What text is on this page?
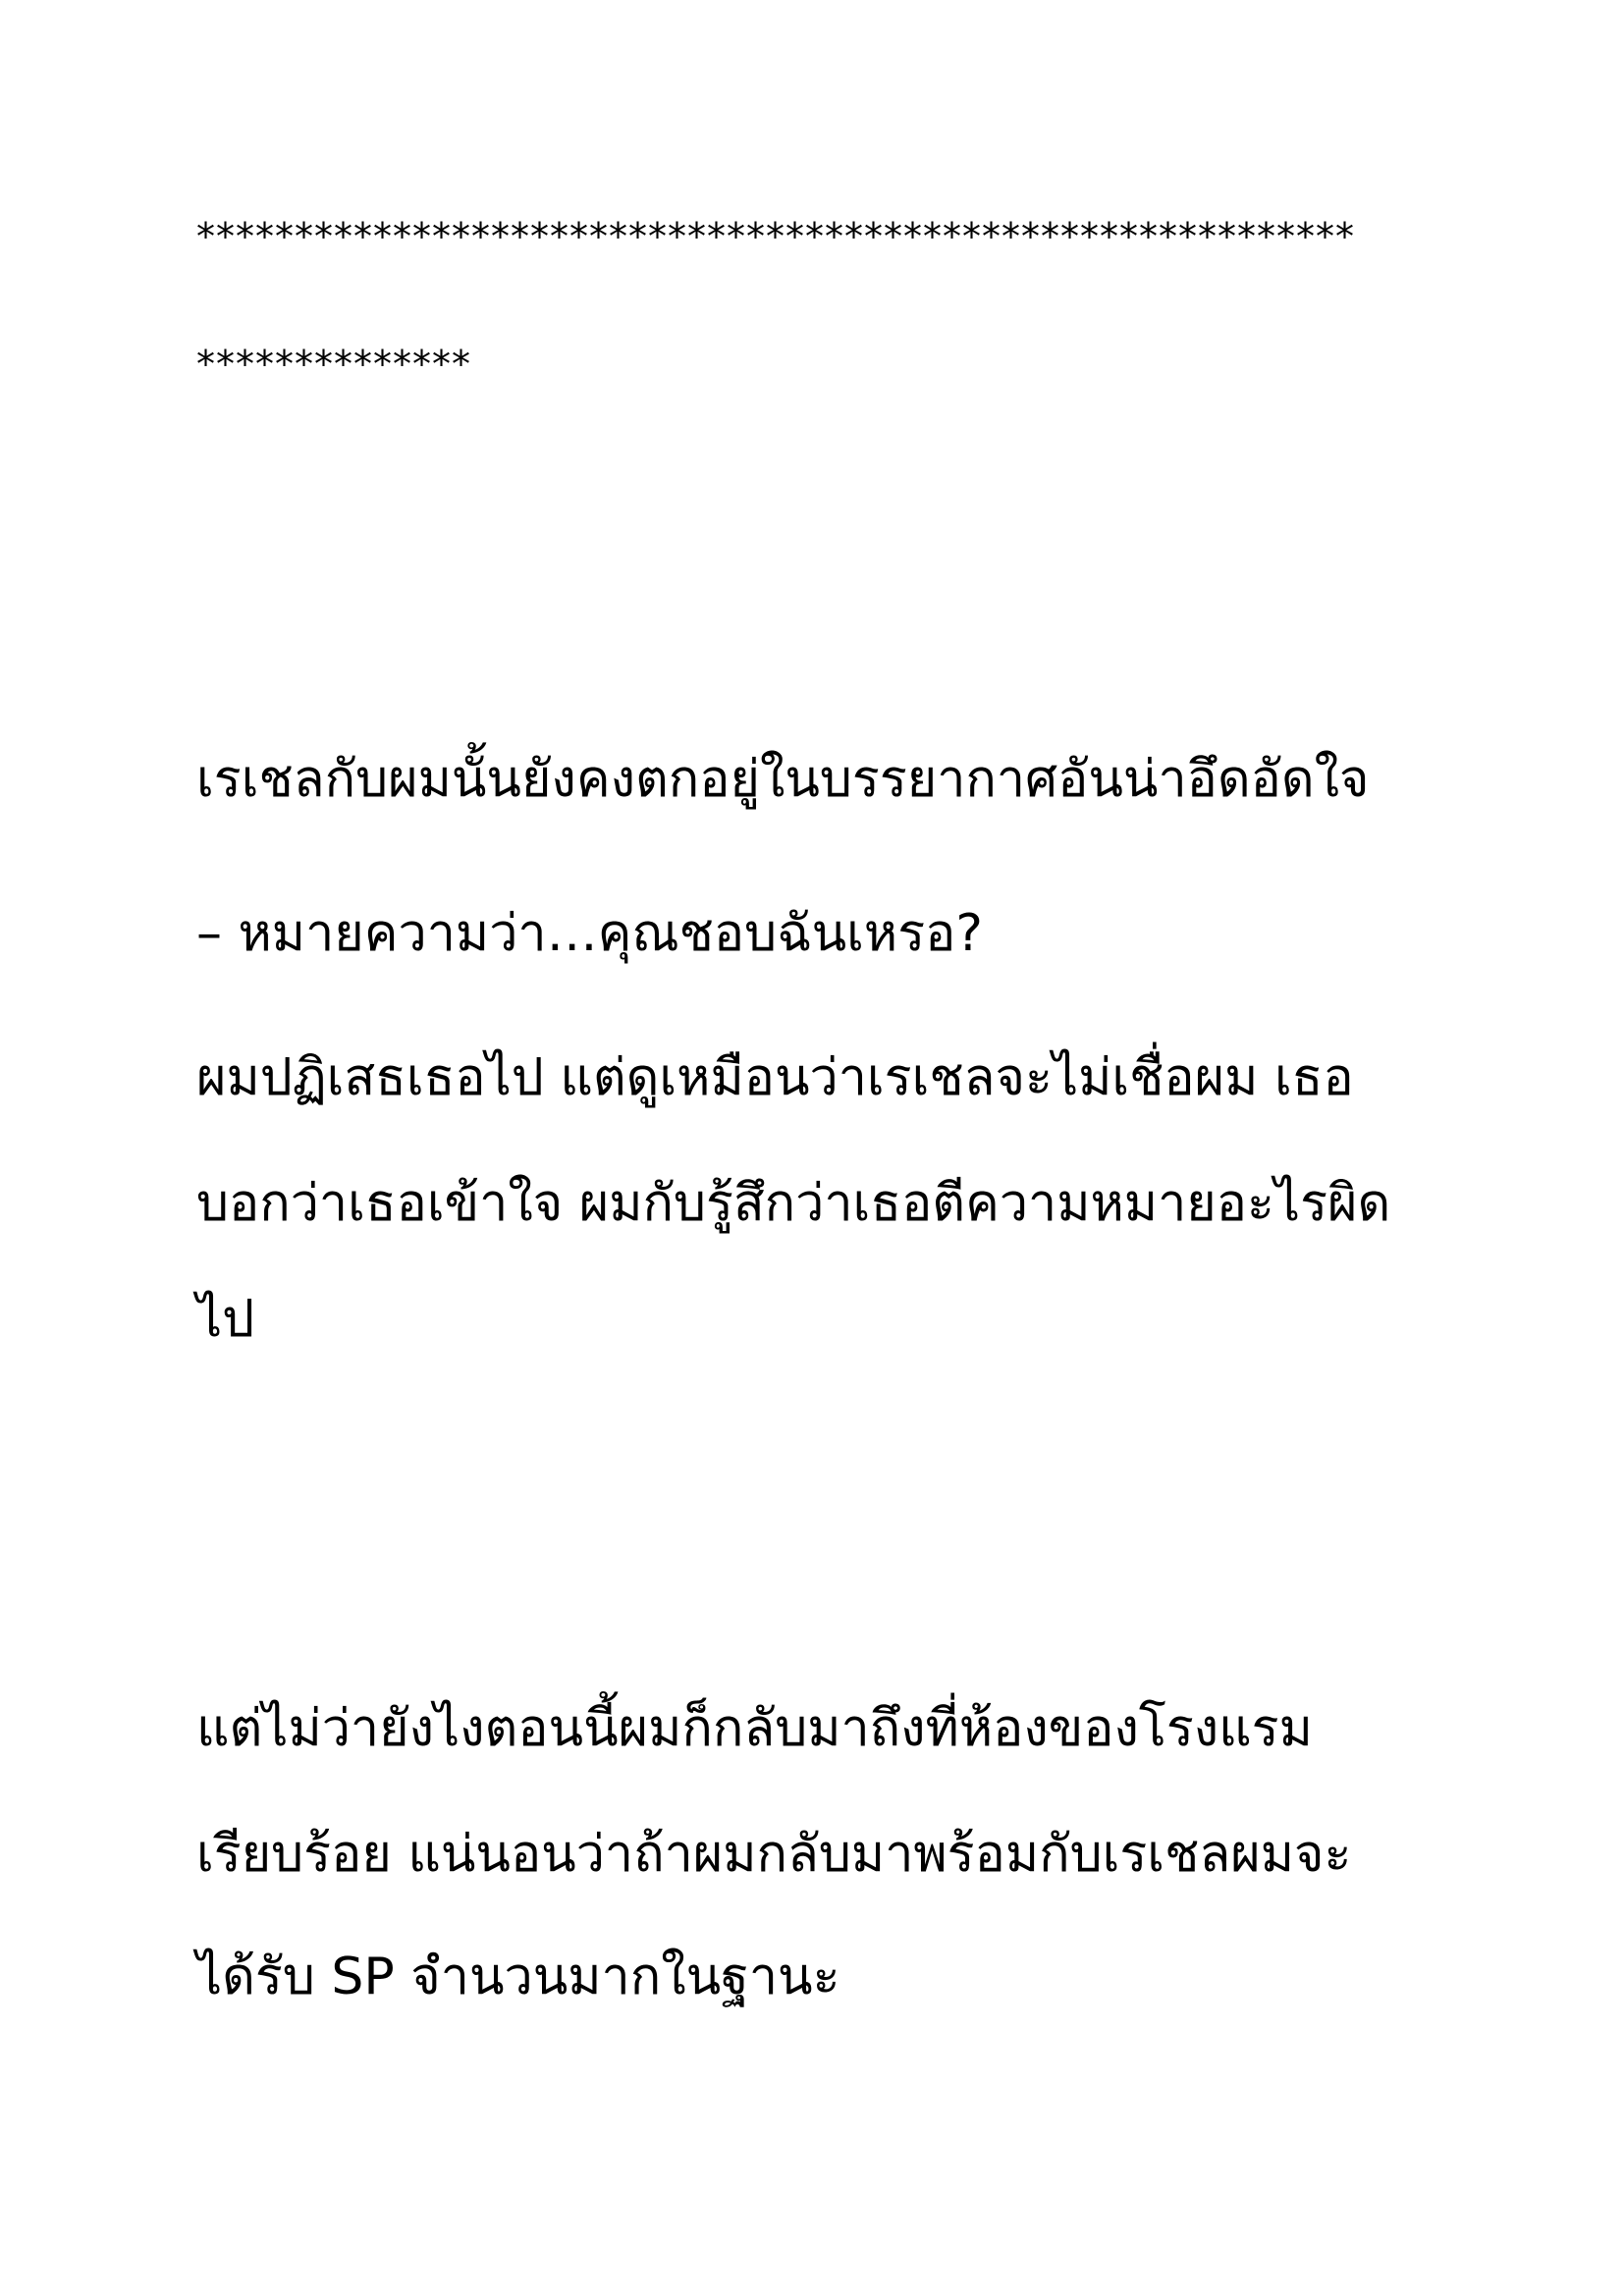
***********************************************************

**************

เรเชลกับผมนั้นยังคงตกอยู่ในบรรยากาศอันน่าอึดอัดใจ

– หมายความว่า…คุณชอบฉันเหรอ?

ผมปฏิเสธเธอไป แต่ดูเหมือนว่าเรเชลจะไม่เชื่อผม เธอ

บอกว่าเธอเข้าใจ ผมกับรู้สึกว่าเธอตีความหมายอะไรผิด

ไป

แต่ไม่ว่ายังไงตอนนี้ผมก็กลับมาถึงที่ห้องของโรงแรม

เรียบร้อย แน่นอนว่าถ้าผมกลับมาพร้อมกับเรเชลผมจะ

ได้รับ SP จำนวนมากในฐานะ
